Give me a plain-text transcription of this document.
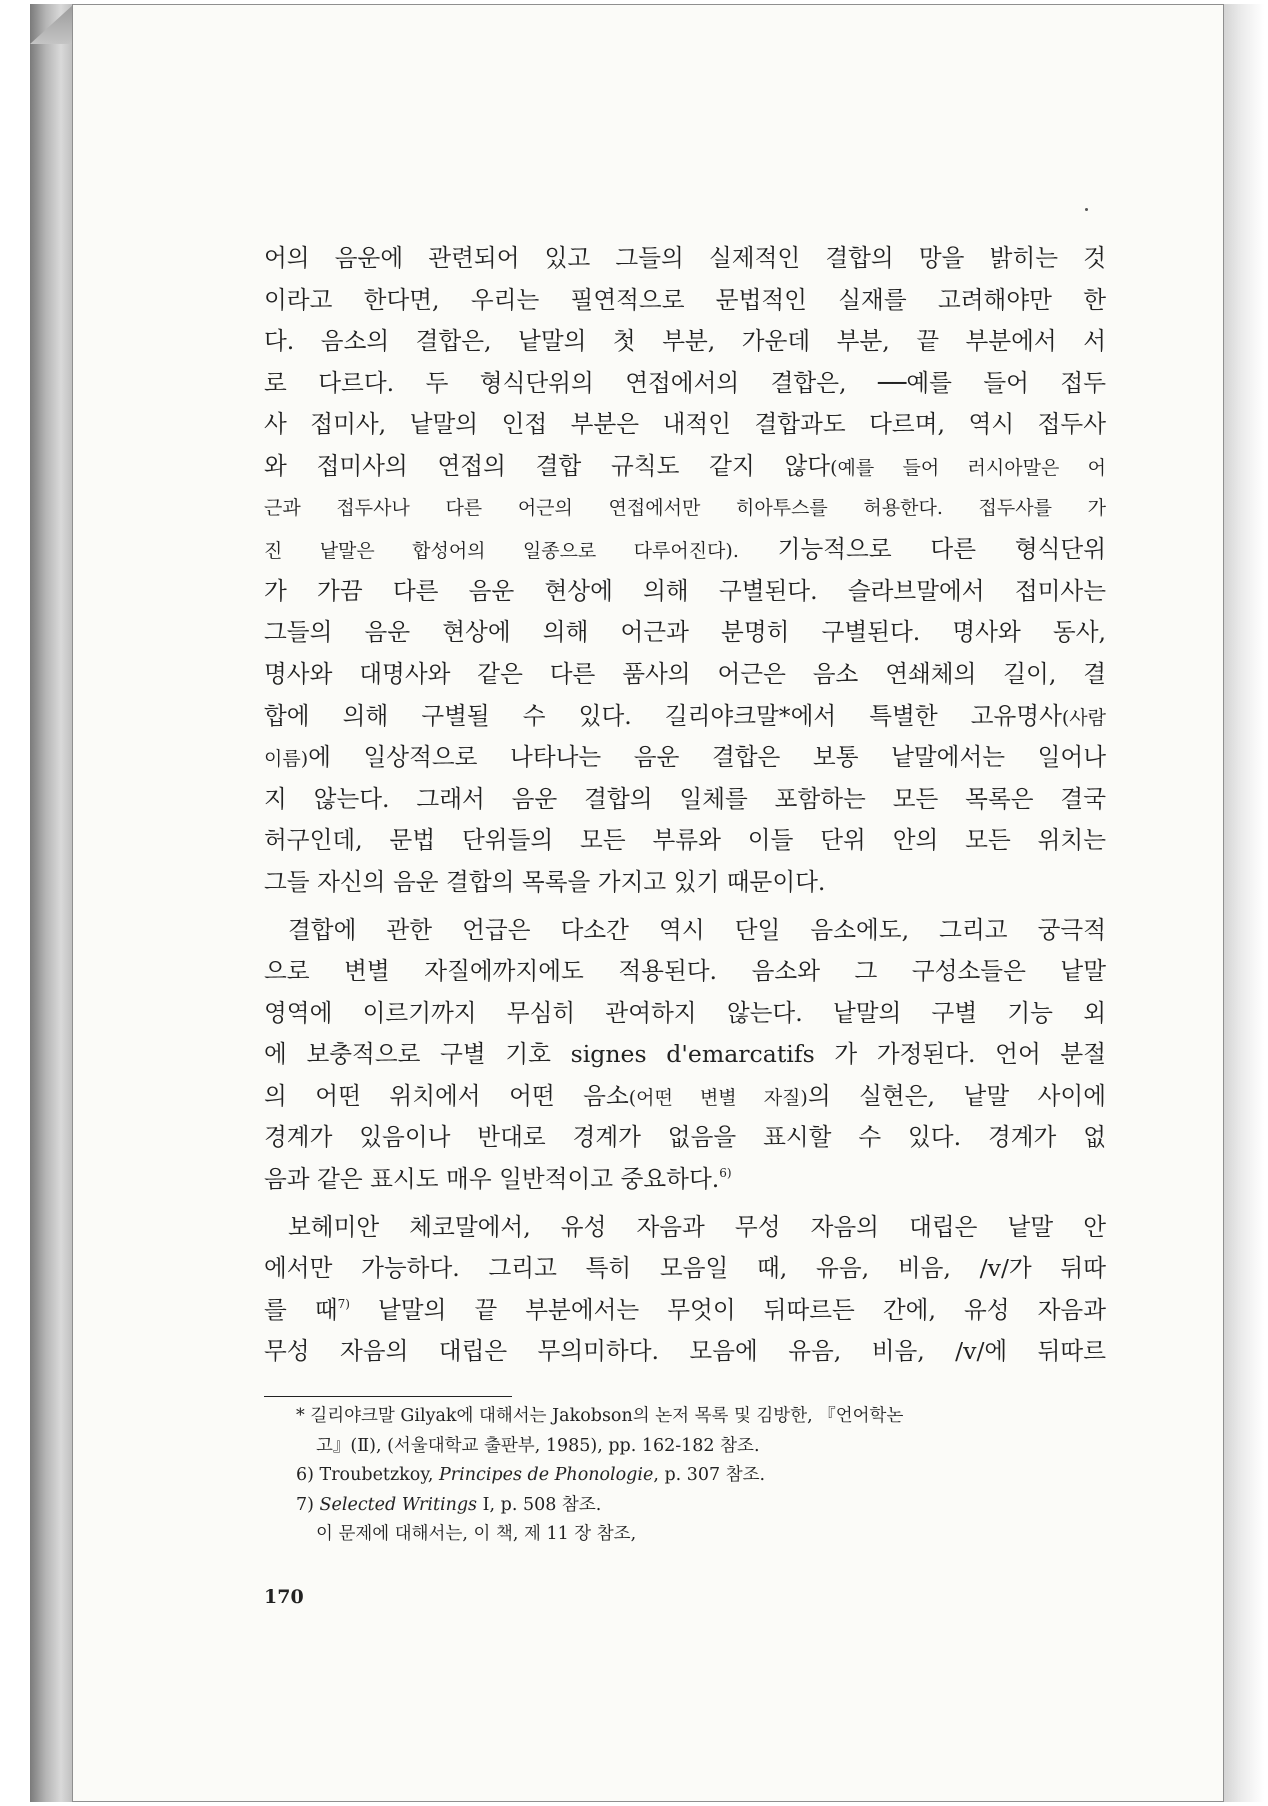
어의 음운에 관련되어 있고 그들의 실제적인 결합의 망을 밝히는 것
이라고 한다면, 우리는 필연적으로 문법적인 실재를 고려해야만 한
다. 음소의 결합은, 낱말의 첫 부분, 가운데 부분, 끝 부분에서 서
로 다르다. 두 형식단위의 연접에서의 결합은, ──예를 들어 접두
사 접미사, 낱말의 인접 부분은 내적인 결합과도 다르며, 역시 접두사
와 접미사의 연접의 결합 규칙도 같지 않다(예를 들어 러시아말은 어
근과 접두사나 다른 어근의 연접에서만 히아투스를 허용한다. 접두사를 가
진 낱말은 합성어의 일종으로 다루어진다). 기능적으로 다른 형식단위
가 가끔 다른 음운 현상에 의해 구별된다. 슬라브말에서 접미사는
그들의 음운 현상에 의해 어근과 분명히 구별된다. 명사와 동사,
명사와 대명사와 같은 다른 품사의 어근은 음소 연쇄체의 길이, 결
합에 의해 구별될 수 있다. 길리야크말*에서 특별한 고유명사(사람
이름)에 일상적으로 나타나는 음운 결합은 보통 낱말에서는 일어나
지 않는다. 그래서 음운 결합의 일체를 포함하는 모든 목록은 결국
허구인데, 문법 단위들의 모든 부류와 이들 단위 안의 모든 위치는
그들 자신의 음운 결합의 목록을 가지고 있기 때문이다.
결합에 관한 언급은 다소간 역시 단일 음소에도, 그리고 궁극적
으로 변별 자질에까지에도 적용된다. 음소와 그 구성소들은 낱말
영역에 이르기까지 무심히 관여하지 않는다. 낱말의 구별 기능 외
에 보충적으로 구별 기호 signes d'emarcatifs 가 가정된다. 언어 분절
의 어떤 위치에서 어떤 음소(어떤 변별 자질)의 실현은, 낱말 사이에
경계가 있음이나 반대로 경계가 없음을 표시할 수 있다. 경계가 없
음과 같은 표시도 매우 일반적이고 중요하다.$^{6)}$
보헤미안 체코말에서, 유성 자음과 무성 자음의 대립은 낱말 안
에서만 가능하다. 그리고 특히 모음일 때, 유음, 비음, /v/가 뒤따
를 때$^{7)}$ 낱말의 끝 부분에서는 무엇이 뒤따르든 간에, 유성 자음과
무성 자음의 대립은 무의미하다. 모음에 유음, 비음, /v/에 뒤따르
* 길리야크말 Gilyak에 대해서는 Jakobson의 논저 목록 및 김방한, 『언어학논
고』(Ⅱ), (서울대학교 출판부, 1985), pp. 162-182 참조.
6) Troubetzkoy, Principes de Phonologie, p. 307 참조.
7) Selected Writings Ⅰ, p. 508 참조.
이 문제에 대해서는, 이 책, 제 11 장 참조,
170
